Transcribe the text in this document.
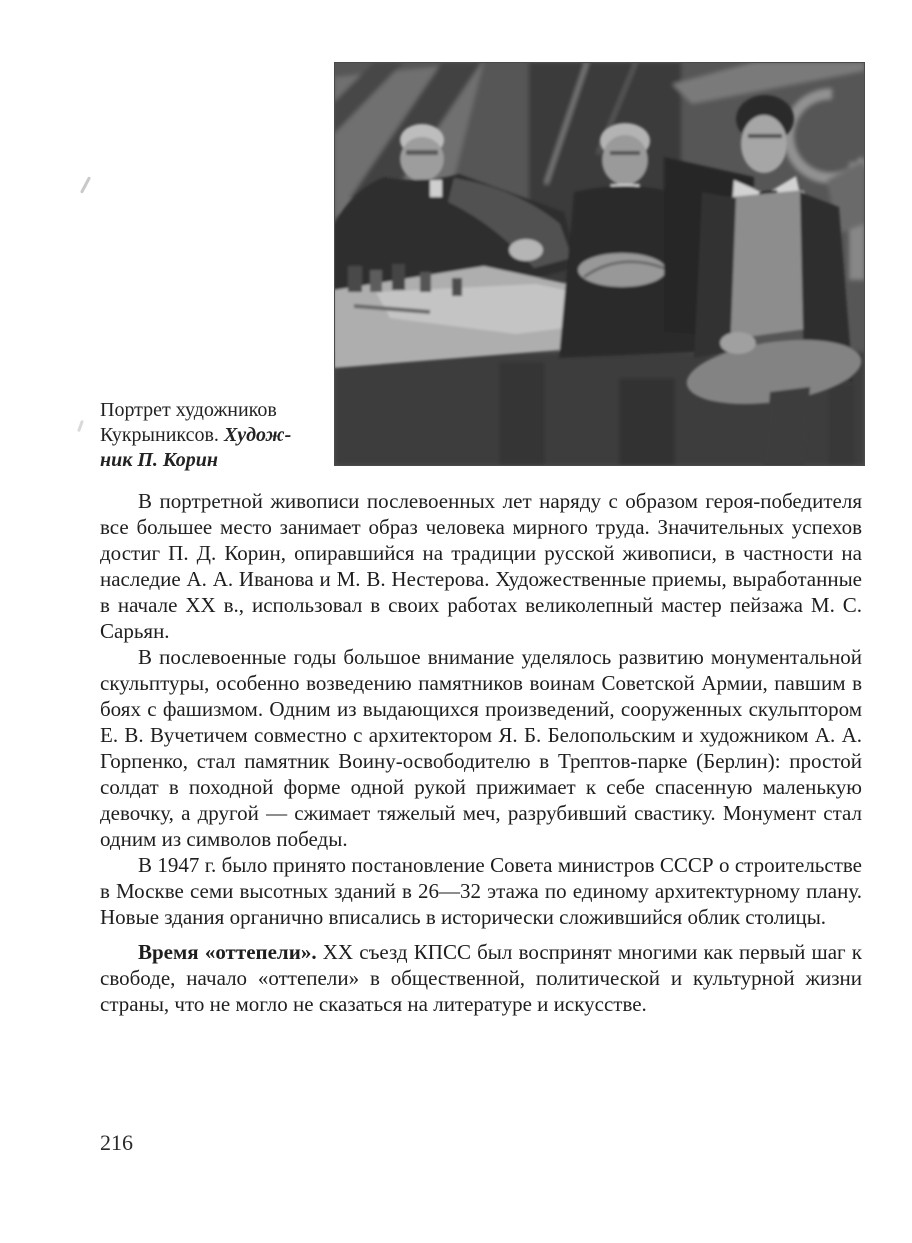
Портрет художников
Кукрыниксов. Худож-
ник П. Корин

В портретной живописи послевоенных лет наряду с образом героя-победителя все большее место занимает образ человека мирного труда. Значительных успехов достиг П. Д. Корин, опиравшийся на традиции русской живописи, в частности на наследие А. А. Иванова и М. В. Нестерова. Художественные приемы, выработанные в начале XX в., использовал в своих работах великолепный мастер пейзажа М. С. Сарьян.

В послевоенные годы большое внимание уделялось развитию монументальной скульптуры, особенно возведению памятников воинам Советской Армии, павшим в боях с фашизмом. Одним из выдающихся произведений, сооруженных скульптором Е. В. Вучетичем совместно с архитектором Я. Б. Белопольским и художником А. А. Горпенко, стал памятник Воину-освободителю в Трептов-парке (Берлин): простой солдат в походной форме одной рукой прижимает к себе спасенную маленькую девочку, а другой — сжимает тяжелый меч, разрубивший свастику. Монумент стал одним из символов победы.

В 1947 г. было принято постановление Совета министров СССР о строительстве в Москве семи высотных зданий в 26—32 этажа по единому архитектурному плану. Новые здания органично вписались в исторически сложившийся облик столицы.

Время «оттепели». XX съезд КПСС был воспринят многими как первый шаг к свободе, начало «оттепели» в общественной, политической и культурной жизни страны, что не могло не сказаться на литературе и искусстве.

216
